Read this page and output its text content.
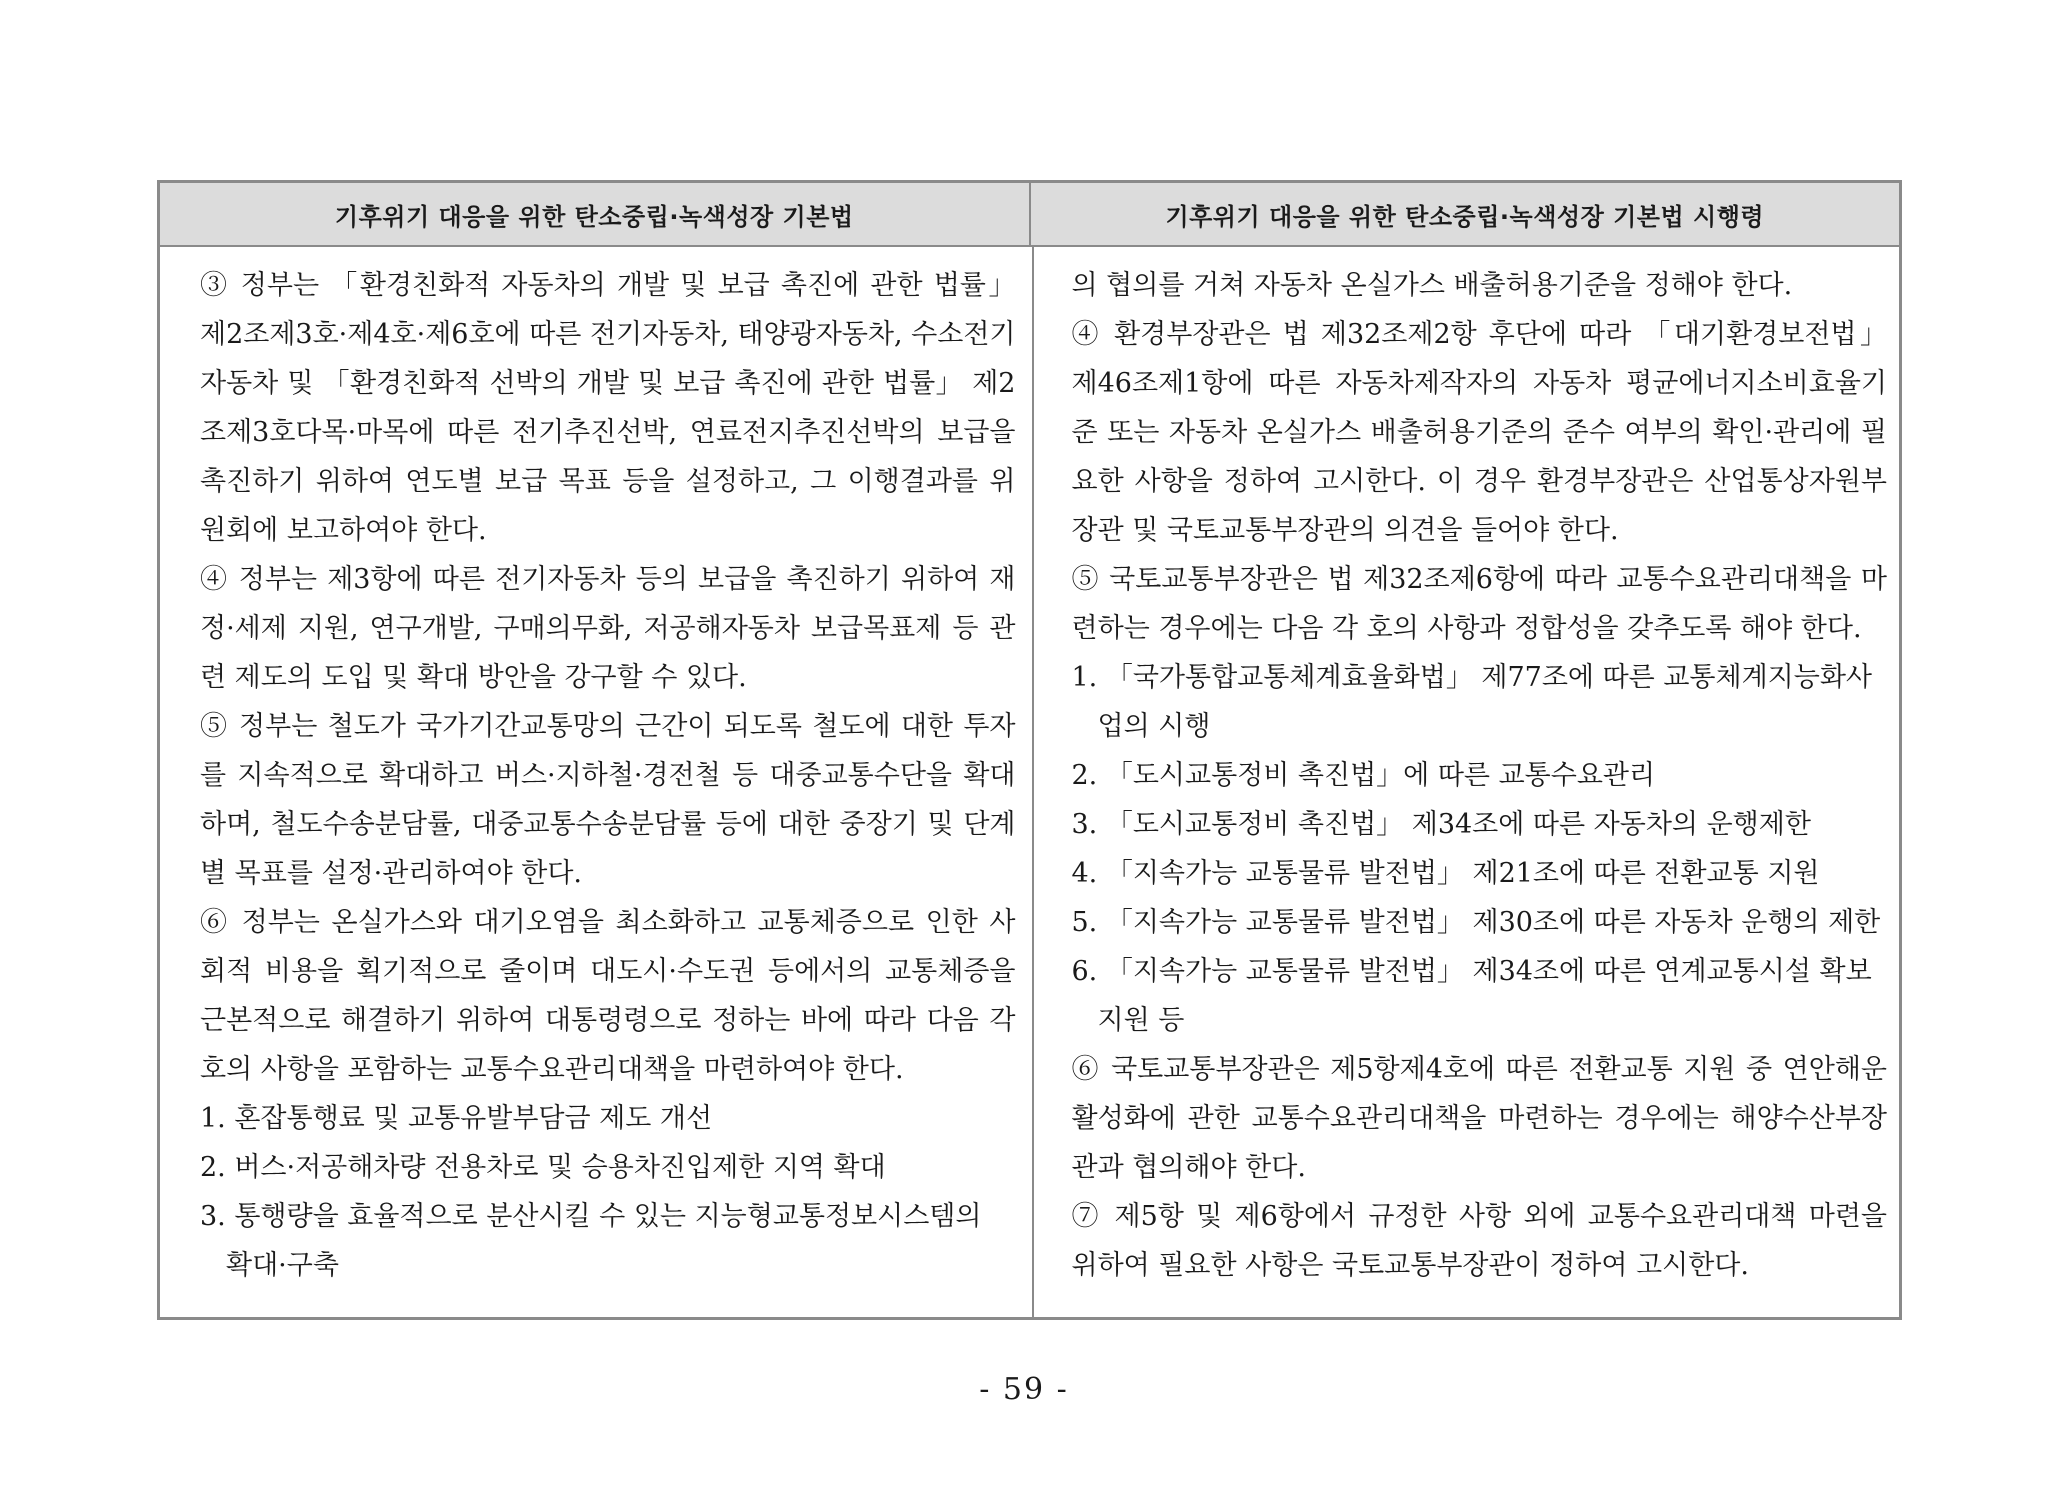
기후위기 대응을 위한 탄소중립·녹색성장 기본법	기후위기 대응을 위한 탄소중립·녹색성장 기본법 시행령

③ 정부는 「환경친화적 자동차의 개발 및 보급 촉진에 관한 법률」 제2조제3호·제4호·제6호에 따른 전기자동차, 태양광자동차, 수소전기자동차 및 「환경친화적 선박의 개발 및 보급 촉진에 관한 법률」 제2조제3호다목·마목에 따른 전기추진선박, 연료전지추진선박의 보급을 촉진하기 위하여 연도별 보급 목표 등을 설정하고, 그 이행결과를 위원회에 보고하여야 한다.

④ 정부는 제3항에 따른 전기자동차 등의 보급을 촉진하기 위하여 재정·세제 지원, 연구개발, 구매의무화, 저공해자동차 보급목표제 등 관련 제도의 도입 및 확대 방안을 강구할 수 있다.

⑤ 정부는 철도가 국가기간교통망의 근간이 되도록 철도에 대한 투자를 지속적으로 확대하고 버스·지하철·경전철 등 대중교통수단을 확대하며, 철도수송분담률, 대중교통수송분담률 등에 대한 중장기 및 단계별 목표를 설정·관리하여야 한다.

⑥ 정부는 온실가스와 대기오염을 최소화하고 교통체증으로 인한 사회적 비용을 획기적으로 줄이며 대도시·수도권 등에서의 교통체증을 근본적으로 해결하기 위하여 대통령령으로 정하는 바에 따라 다음 각 호의 사항을 포함하는 교통수요관리대책을 마련하여야 한다.

1. 혼잡통행료 및 교통유발부담금 제도 개선

2. 버스·저공해차량 전용차로 및 승용차진입제한 지역 확대

3. 통행량을 효율적으로 분산시킬 수 있는 지능형교통정보시스템의 확대·구축

의 협의를 거쳐 자동차 온실가스 배출허용기준을 정해야 한다.

④ 환경부장관은 법 제32조제2항 후단에 따라 「대기환경보전법」 제46조제1항에 따른 자동차제작자의 자동차 평균에너지소비효율기준 또는 자동차 온실가스 배출허용기준의 준수 여부의 확인·관리에 필요한 사항을 정하여 고시한다. 이 경우 환경부장관은 산업통상자원부장관 및 국토교통부장관의 의견을 들어야 한다.

⑤ 국토교통부장관은 법 제32조제6항에 따라 교통수요관리대책을 마련하는 경우에는 다음 각 호의 사항과 정합성을 갖추도록 해야 한다.

1. 「국가통합교통체계효율화법」 제77조에 따른 교통체계지능화사업의 시행

2. 「도시교통정비 촉진법」에 따른 교통수요관리

3. 「도시교통정비 촉진법」 제34조에 따른 자동차의 운행제한

4. 「지속가능 교통물류 발전법」 제21조에 따른 전환교통 지원

5. 「지속가능 교통물류 발전법」 제30조에 따른 자동차 운행의 제한

6. 「지속가능 교통물류 발전법」 제34조에 따른 연계교통시설 확보 지원 등

⑥ 국토교통부장관은 제5항제4호에 따른 전환교통 지원 중 연안해운 활성화에 관한 교통수요관리대책을 마련하는 경우에는 해양수산부장관과 협의해야 한다.

⑦ 제5항 및 제6항에서 규정한 사항 외에 교통수요관리대책 마련을 위하여 필요한 사항은 국토교통부장관이 정하여 고시한다.

- 59 -
